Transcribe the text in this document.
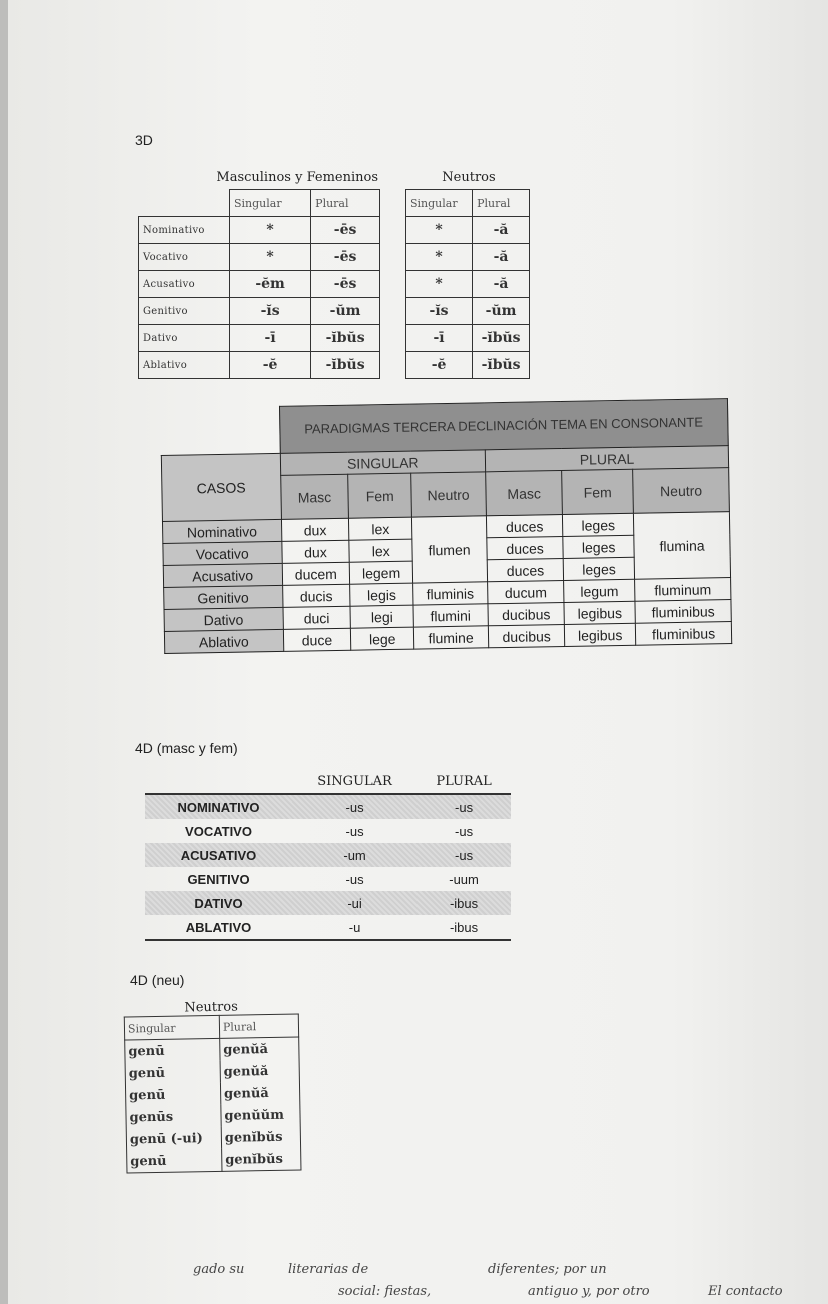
3D
Masculinos y Femeninos
	Singular	Plural
Nominativo	*	-ēs
Vocativo	*	-ēs
Acusativo	-ĕm	-ēs
Genitivo	-ĭs	-ŭm
Dativo	-ī	-ĭbŭs
Ablativo	-ĕ	-ĭbŭs
Neutros
Singular	Plural
*	-ă
*	-ă
*	-ă
-ĭs	-ŭm
-ī	-ĭbŭs
-ĕ	-ĭbŭs
	PARADIGMAS TERCERA DECLINACIÓN TEMA EN CONSONANTE					
CASOS	SINGULAR			PLURAL		
	Masc	Fem	Neutro	Masc	Fem	Neutro
Nominativo	dux	lex	flumen	duces	leges	flumina
Vocativo	dux	lex		duces	leges	
Acusativo	ducem	legem		duces	leges	
Genitivo	ducis	legis	fluminis	ducum	legum	fluminum
Dativo	duci	legi	flumini	ducibus	legibus	fluminibus
Ablativo	duce	lege	flumine	ducibus	legibus	fluminibus
4D (masc y fem)
	SINGULAR	PLURAL
NOMINATIVO	-us	-us
VOCATIVO	-us	-us
ACUSATIVO	-um	-us
GENITIVO	-us	-uum
DATIVO	-ui	-ibus
ABLATIVO	-u	-ibus
4D (neu)
Neutros
Singular	Plural
genū	genŭă
genū	genŭă
genū	genŭă
genūs	genŭŭm
genū (-ui)	genĭbŭs
genū	genĭbŭs
gado su	literarias de
social: fiestas,
diferentes; por un
antiguo y, por otro	El contacto
